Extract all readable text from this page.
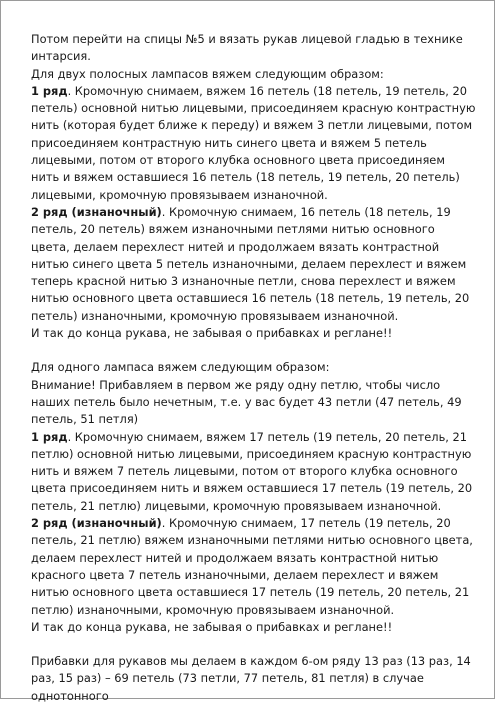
Потом перейти на спицы №5 и вязать рукав лицевой гладью в технике интарсия.

Для двух полосных лампасов вяжем следующим образом:

1 ряд. Кромочную снимаем, вяжем 16 петель (18 петель, 19 петель, 20 петель) основной нитью лицевыми, присоединяем красную контрастную нить (которая будет ближе к переду) и вяжем 3 петли лицевыми, потом присоединяем контрастную нить синего цвета и вяжем 5 петель лицевыми, потом от второго клубка основного цвета присоединяем нить и вяжем оставшиеся 16 петель (18 петель, 19 петель, 20 петель) лицевыми, кромочную провязываем изнаночной.

2 ряд (изнаночный). Кромочную снимаем, 16 петель (18 петель, 19 петель, 20 петель) вяжем изнаночными петлями нитью основного цвета, делаем перехлест нитей и продолжаем вязать контрастной нитью синего цвета 5 петель изнаночными, делаем перехлест и вяжем теперь красной нитью 3 изнаночные петли, снова перехлест и вяжем нитью основного цвета оставшиеся 16 петель (18 петель, 19 петель, 20 петель) изнаночными, кромочную провязываем изнаночной.

И так до конца рукава, не забывая о прибавках и реглане!!

Для одного лампаса вяжем следующим образом:

Внимание! Прибавляем в первом же ряду одну петлю, чтобы число наших петель было нечетным, т.е. у вас будет 43 петли (47 петель, 49 петель, 51 петля)

1 ряд. Кромочную снимаем, вяжем 17 петель (19 петель, 20 петель, 21 петлю) основной нитью лицевыми, присоединяем красную контрастную нить и вяжем 7 петель лицевыми, потом от второго клубка основного цвета присоединяем нить и вяжем оставшиеся 17 петель (19 петель, 20 петель, 21 петлю) лицевыми, кромочную провязываем изнаночной.

2 ряд (изнаночный). Кромочную снимаем, 17 петель (19 петель, 20 петель, 21 петлю) вяжем изнаночными петлями нитью основного цвета, делаем перехлест нитей и продолжаем вязать контрастной нитью красного цвета 7 петель изнаночными, делаем перехлест и вяжем нитью основного цвета оставшиеся 17 петель (19 петель, 20 петель, 21 петлю) изнаночными, кромочную провязываем изнаночной.

И так до конца рукава, не забывая о прибавках и реглане!!

Прибавки для рукавов мы делаем в каждом 6-ом ряду 13 раз (13 раз, 14 раз, 15 раз) – 69 петель (73 петли, 77 петель, 81 петля) в случае однотонного
